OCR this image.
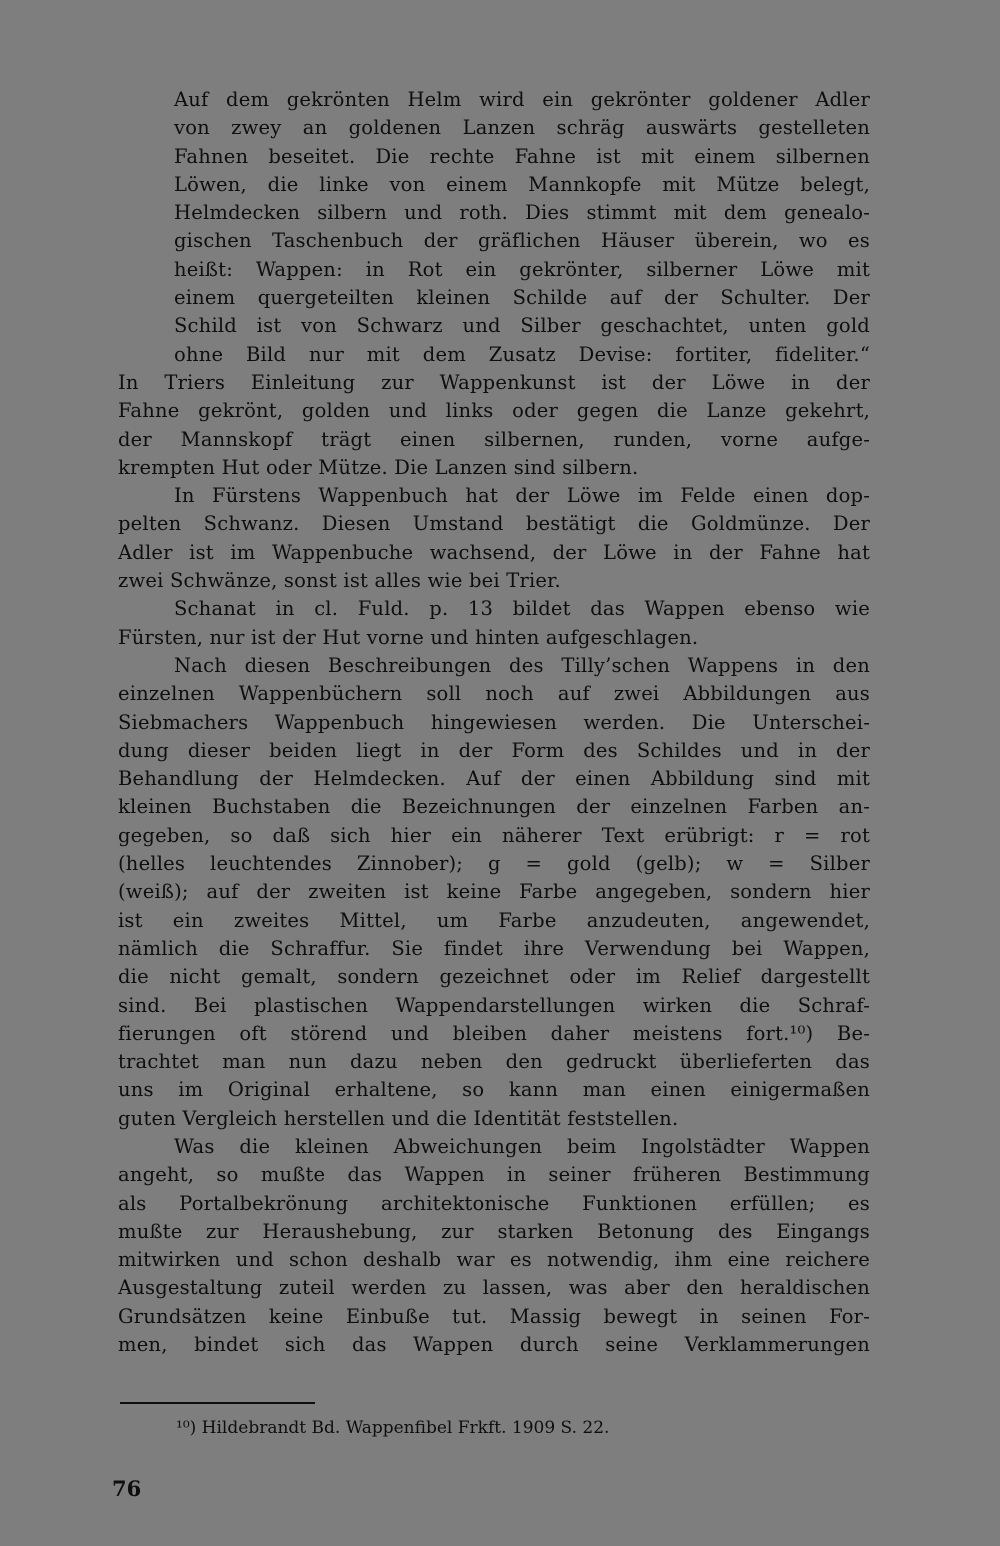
Auf dem gekrönten Helm wird ein gekrönter goldener Adler
von zwey an goldenen Lanzen schräg auswärts gestelleten
Fahnen beseitet. Die rechte Fahne ist mit einem silbernen
Löwen, die linke von einem Mannkopfe mit Mütze belegt,
Helmdecken silbern und roth. Dies stimmt mit dem genealo-
gischen Taschenbuch der gräflichen Häuser überein, wo es
heißt: Wappen: in Rot ein gekrönter, silberner Löwe mit
einem quergeteilten kleinen Schilde auf der Schulter. Der
Schild ist von Schwarz und Silber geschachtet, unten gold
ohne Bild nur mit dem Zusatz Devise: fortiter, fideliter.“
In Triers Einleitung zur Wappenkunst ist der Löwe in der
Fahne gekrönt, golden und links oder gegen die Lanze gekehrt,
der Mannskopf trägt einen silbernen, runden, vorne aufge-
krempten Hut oder Mütze. Die Lanzen sind silbern.
In Fürstens Wappenbuch hat der Löwe im Felde einen dop-
pelten Schwanz. Diesen Umstand bestätigt die Goldmünze. Der
Adler ist im Wappenbuche wachsend, der Löwe in der Fahne hat
zwei Schwänze, sonst ist alles wie bei Trier.
Schanat in cl. Fuld. p. 13 bildet das Wappen ebenso wie
Fürsten, nur ist der Hut vorne und hinten aufgeschlagen.
Nach diesen Beschreibungen des Tilly’schen Wappens in den
einzelnen Wappenbüchern soll noch auf zwei Abbildungen aus
Siebmachers Wappenbuch hingewiesen werden. Die Unterschei-
dung dieser beiden liegt in der Form des Schildes und in der
Behandlung der Helmdecken. Auf der einen Abbildung sind mit
kleinen Buchstaben die Bezeichnungen der einzelnen Farben an-
gegeben, so daß sich hier ein näherer Text erübrigt: r = rot
(helles leuchtendes Zinnober); g = gold (gelb); w = Silber
(weiß); auf der zweiten ist keine Farbe angegeben, sondern hier
ist ein zweites Mittel, um Farbe anzudeuten, angewendet,
nämlich die Schraffur. Sie findet ihre Verwendung bei Wappen,
die nicht gemalt, sondern gezeichnet oder im Relief dargestellt
sind. Bei plastischen Wappendarstellungen wirken die Schraf-
fierungen oft störend und bleiben daher meistens fort.¹⁰) Be-
trachtet man nun dazu neben den gedruckt überlieferten das
uns im Original erhaltene, so kann man einen einigermaßen
guten Vergleich herstellen und die Identität feststellen.
Was die kleinen Abweichungen beim Ingolstädter Wappen
angeht, so mußte das Wappen in seiner früheren Bestimmung
als Portalbekrönung architektonische Funktionen erfüllen; es
mußte zur Heraushebung, zur starken Betonung des Eingangs
mitwirken und schon deshalb war es notwendig, ihm eine reichere
Ausgestaltung zuteil werden zu lassen, was aber den heraldischen
Grundsätzen keine Einbuße tut. Massig bewegt in seinen For-
men, bindet sich das Wappen durch seine Verklammerungen
¹⁰) Hildebrandt Bd. Wappenfibel Frkft. 1909 S. 22.
76
